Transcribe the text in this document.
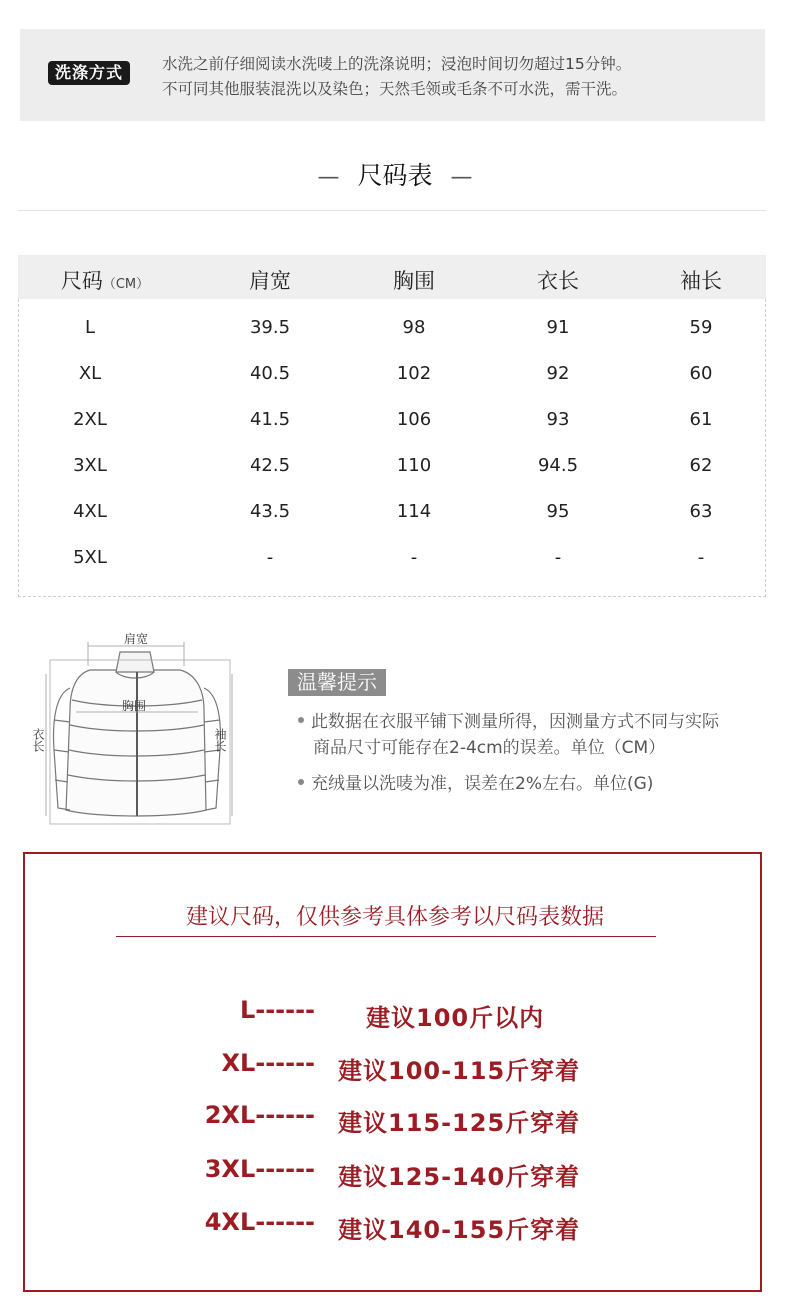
洗涤方式	水洗之前仔细阅读水洗唛上的洗涤说明；浸泡时间切勿超过15分钟。
不可同其他服装混洗以及染色；天然毛领或毛条不可水洗，需干洗。
— 尺码表 —
尺码（CM）	肩宽	胸围	衣长	袖长
L	39.5	98	91	59
XL	40.5	102	92	60
2XL	41.5	106	93	61
3XL	42.5	110	94.5	62
4XL	43.5	114	95	63
5XL	-	-	-	-
肩宽
胸围
衣长	袖长
温馨提示
此数据在衣服平铺下测量所得，因测量方式不同与实际
商品尺寸可能存在2-4cm的误差。单位（CM）
充绒量以洗唛为准，误差在2%左右。单位(G)
建议尺码，仅供参考具体参考以尺码表数据
L------ 建议100斤以内
XL------ 建议100-115斤穿着
2XL------ 建议115-125斤穿着
3XL------ 建议125-140斤穿着
4XL------ 建议140-155斤穿着
